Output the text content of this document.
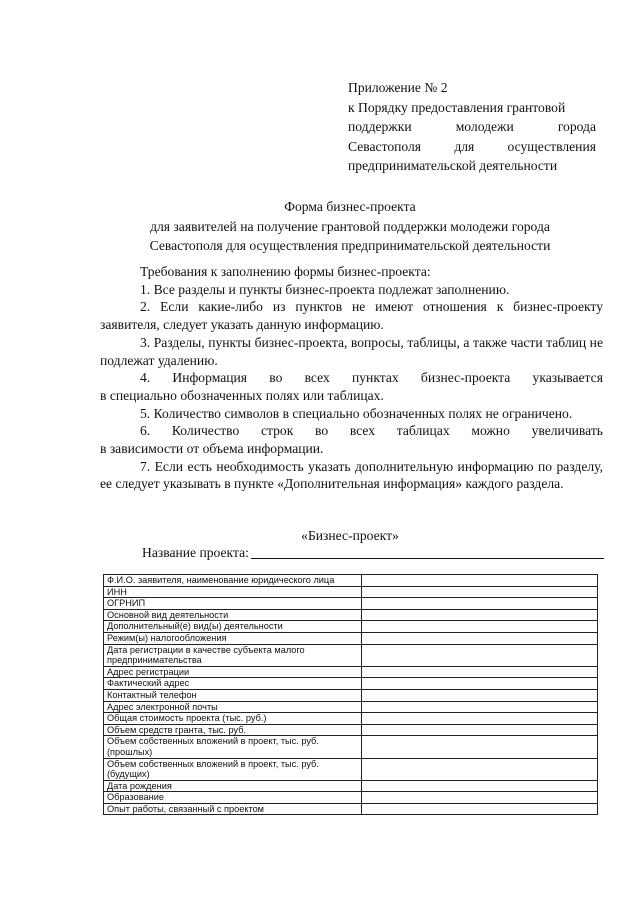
Приложение № 2
к Порядку предоставления грантовой
поддержки	молодежи	города
Севастополя для осуществления
предпринимательской деятельности
Форма бизнес-проекта
для заявителей на получение грантовой поддержки молодежи города
Севастополя для осуществления предпринимательской деятельности
Требования к заполнению формы бизнес-проекта:
1. Все разделы и пункты бизнес-проекта подлежат заполнению.
2. Если какие-либо из пунктов не имеют отношения к бизнес-проекту заявителя, следует указать данную информацию.
3. Разделы, пункты бизнес-проекта, вопросы, таблицы, а также части таблиц не подлежат удалению.
4. Информация во всех пунктах бизнес-проекта указывается
в специально обозначенных полях или таблицах.
5. Количество символов в специально обозначенных полях не ограничено.
6. Количество строк во всех таблицах можно увеличивать
в зависимости от объема информации.
7. Если есть необходимость указать дополнительную информацию по разделу, ее следует указывать в пункте «Дополнительная информация» каждого раздела.
«Бизнес-проект»
Название проекта:
Ф.И.О. заявителя, наименование юридического лица	
ИНН	
ОГРНИП	
Основной вид деятельности	
Дополнительный(е) вид(ы) деятельности	
Режим(ы) налогообложения	
Дата регистрации в качестве субъекта малого предпринимательства	
Адрес регистрации	
Фактический адрес	
Контактный телефон	
Адрес электронной почты	
Общая стоимость проекта (тыс. руб.)	
Объем средств гранта, тыс. руб.	
Объем собственных вложений в проект, тыс. руб. (прошлых)	
Объем собственных вложений в проект, тыс. руб. (будущих)	
Дата рождения	
Образование	
Опыт работы, связанный с проектом	
